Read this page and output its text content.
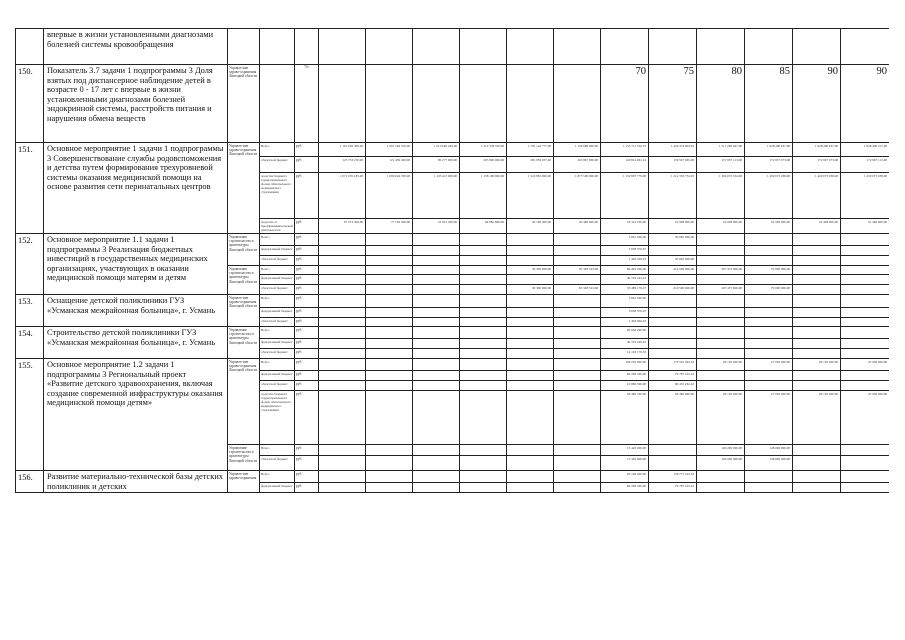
	впервые в жизни установленными диагнозами болезней системы кровообращения															
150.	Показатель 3.7 задачи 1 подпрограммы 3 Доля взятых под диспансерное наблюдение детей в возрасте 0 - 17 лет с впервые в жизни установленными диагнозами болезней эндокринной системы, расстройств питания и нарушения обмена веществ	Управле-ние здраво-охранения Липецкой области		%							70	75	80	85	90	90
151.	Основное мероприятие 1 задачи 1 подпрограммы 3 Совершенствование службы родовспоможения и детства путем формирования трехуровневой системы оказания медицинской помощи на основе развития сети перинатальных центров	Управле-ние здраво-охранения Липецкой области	Всего	руб.	1 167 045 300,00	1 207 294 700,00	1 213 692 249,00	1 312 378 700,00	1 701 142 777,00	1 129 990 000,00	1 153 711 550,75	1 420 374 604,05	1 517 269 647,00	1 628 400 927,00	1 628 400 937,00	1 628 400 317,00
			областной бюджет	руб.	125 733 250,00	121 459 400,00	80 277 000,00	205 990 000,00	281 959 037,00	201 867 000,00	140 814 061,14	159 567 065,00	157 067 113,00	172 957 073,00	172 967 073,00	172 967 113,00
			средства бюджета территориального фонда обязательного медицинского страхования	руб.	1 071 035 185,00	1 090 624 700,00	1 103 413 900,00	1 158 106 900,00	1 522 881 690,00	1 875 500 000,00	1 132 897 779,00	1 212 353 752,05	1 304 072 534,00	1 430 673 268,00	1 420 073 038,00	1 430 073 038,00
			средства от предпринимательской деятельности	руб.	67 073 300,00	77 746 300,00	25 027 300,00	64 982 800,00	50 100 000,00	50 400 000,00	54 314 700,00	52 999 000,00	52 009 000,00	52 509 000,00	52 409 000,00	52 360 000,00
152.	Основное мероприятие 1.1 задачи 1 подпрограммы 3 Реализация бюджетных инвестиций в государственных медицинских организациях, участвующих в оказании медицинской помощи матерям и детям	Управление строительства и архитектуры Липецкой области	Всего	руб.							5 061 500,00	50 682 000,00				
			федеральный бюджет	руб.							3 658 370,07					
			областной бюджет	руб.							1 402 500,43	50 682 000,00				
		Управление строительства и архитектуры Липецкой области	Всего	руб.					30 300 000,00	95 328 523,00	80 405 200,00	210 500 000,00	207 475 600,00	70 000 000,00		
			федеральный бюджет	руб.							46 703 423,43					
			областной бюджет	руб.					30 300 000,00	95 328 523,00	33 489 170,27	210 500 000,00	207 475 600,00	70 000 000,00		
153.	Оснащение детской поликлиники ГУЗ «Усманская межрайонная больница», г. Усмань	Управле-ние здраво-охранения Липецкой области	Всего	руб.							5 061 500,00					
			федеральный бюджет	руб.							3 658 370,07					
			областной бюджет	руб.							1 402 920,43					
154.	Строительство детской поликлиники ГУЗ «Усманская межрайонная больница», г. Усмань	Управление строительства и архитектуры Липецкой области	Всего	руб.							60 956 200,00					
			федеральный бюджет	руб.							46 793 020,45					
			областной бюджет	руб.							14 163 179,55					
155.	Основное мероприятие 1.2 задачи 1 подпрограммы 3 Региональный проект «Развитие детского здравоохранения, включая создание современной инфраструктуры оказания медицинской помощи детям»	Управле-ние здраво-охранения Липецкой области	Всего	руб.							109 259 900,00	170 522 363,10	26 150 000,00	21 050 000,00	26 150 000,00	25 950 000,00
			федеральный бюджет	руб.							69 209 300,00	79 787 102,10				
			областной бюджет	руб.							10 869 300,00	90 435 262,10				
			средства бюджета территориального фонда обязательного медицинского страхования	руб.							26 490 700,00	26 490 000,00	26 150 000,00	21 050 000,00	26 150 000,00	25 950 000,00
		Управление строительства и архитектуры Липецкой области	Всего	руб.							15 420 000,00		160 290 000,00	148 096 000,00		
			областной бюджет	руб.							15 420 000,00		160 290 000,00	148 096 000,00		
156.	Развитие материально-технической базы детских поликлиник и детских	Управле-ние здраво-охранения	Всего	руб.							95 148 400,00	159 775 103,10				
			федеральный бюджет	руб.							69 209 300,00	79 787 103,10				
